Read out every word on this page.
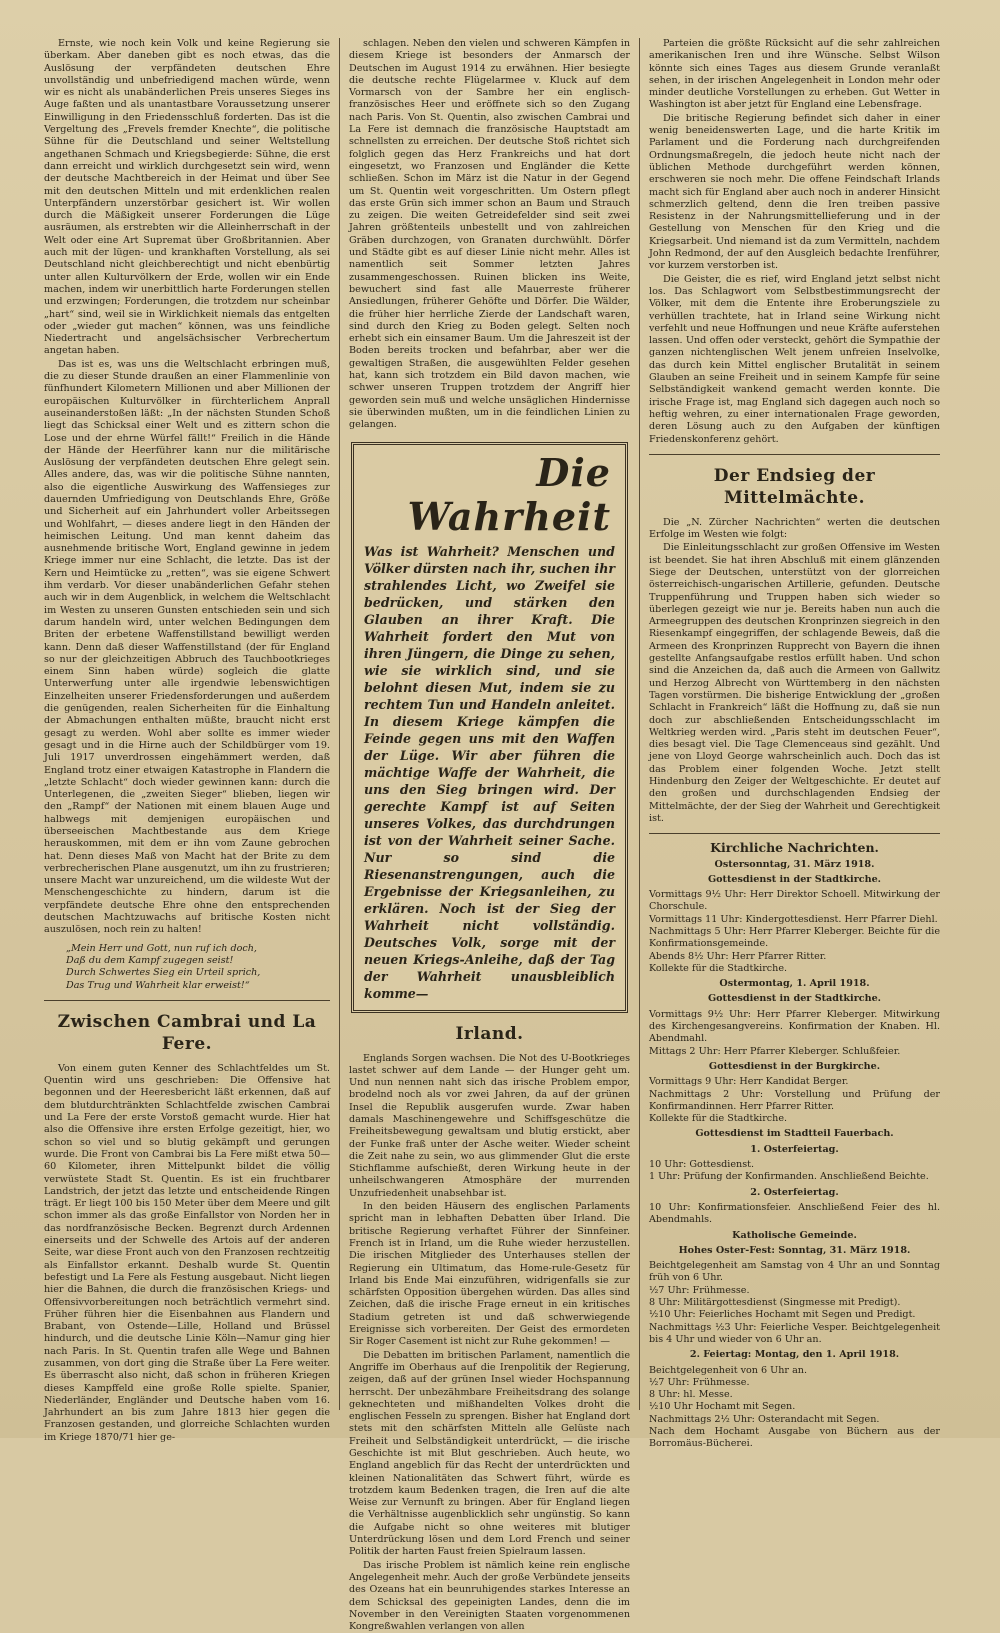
Ernste, wie noch kein Volk und keine Regierung sie überkam. Aber daneben gibt es noch etwas, das die Auslösung der verpfändeten deutschen Ehre unvollständig und unbefriedigend machen würde, wenn wir es nicht als unabänderlichen Preis unseres Sieges ins Auge faßten und als unantastbare Voraussetzung unserer Einwilligung in den Friedensschluß forderten. Das ist die Vergeltung des „Frevels fremder Knechte“, die politische Sühne für die Deutschland und seiner Weltstellung angethanen Schmach und Kriegsbegierde: Sühne, die erst dann erreicht und wirklich durchgesetzt sein wird, wenn der deutsche Machtbereich in der Heimat und über See mit den deutschen Mitteln und mit erdenklichen realen Unterpfändern unzerstörbar gesichert ist. Wir wollen durch die Mäßigkeit unserer Forderungen die Lüge ausräumen, als erstrebten wir die Alleinherrschaft in der Welt oder eine Art Supremat über Großbritannien. Aber auch mit der lügen- und krankhaften Vorstellung, als sei Deutschland nicht gleichberechtigt und nicht ebenbürtig unter allen Kulturvölkern der Erde, wollen wir ein Ende machen, indem wir unerbittlich harte Forderungen stellen und erzwingen; Forderungen, die trotzdem nur scheinbar „hart“ sind, weil sie in Wirklichkeit niemals das entgelten oder „wieder gut machen“ können, was uns feindliche Niedertracht und angelsächsischer Verbrechertum angetan haben.

Das ist es, was uns die Weltschlacht erbringen muß, die zu dieser Stunde draußen an einer Flammenlinie von fünfhundert Kilometern Millionen und aber Millionen der europäischen Kulturvölker in fürchterlichem Anprall auseinanderstoßen läßt: „In der nächsten Stunden Schoß liegt das Schicksal einer Welt und es zittern schon die Lose und der ehrne Würfel fällt!“ Freilich in die Hände der Hände der Heerführer kann nur die militärische Auslösung der verpfändeten deutschen Ehre gelegt sein. Alles andere, das, was wir die politische Sühne nannten, also die eigentliche Auswirkung des Waffensieges zur dauernden Umfriedigung von Deutschlands Ehre, Größe und Sicherheit auf ein Jahrhundert voller Arbeitssegen und Wohlfahrt, — dieses andere liegt in den Händen der heimischen Leitung. Und man kennt daheim das ausnehmende britische Wort, England gewinne in jedem Kriege immer nur eine Schlacht, die letzte. Das ist der Kern und Heimtücke zu „retten“, was sie eigene Schwert ihm verdarb. Vor dieser unabänderlichen Gefahr stehen auch wir in dem Augenblick, in welchem die Weltschlacht im Westen zu unseren Gunsten entschieden sein und sich darum handeln wird, unter welchen Bedingungen dem Briten der erbetene Waffenstillstand bewilligt werden kann. Denn daß dieser Waffenstillstand (der für England so nur der gleichzeitigen Abbruch des Tauchbootkrieges einem Sinn haben würde) sogleich die glatte Unterwerfung unter alle irgendwie lebenswichtigen Einzelheiten unserer Friedensforderungen und außerdem die genügenden, realen Sicherheiten für die Einhaltung der Abmachungen enthalten müßte, braucht nicht erst gesagt zu werden. Wohl aber sollte es immer wieder gesagt und in die Hirne auch der Schildbürger vom 19. Juli 1917 unverdrossen eingehämmert werden, daß England trotz einer etwaigen Katastrophe in Flandern die „letzte Schlacht“ doch wieder gewinnen kann: durch die Unterlegenen, die „zweiten Sieger“ blieben, liegen wir den „Rampf“ der Nationen mit einem blauen Auge und halbwegs mit demjenigen europäischen und überseeischen Machtbestande aus dem Kriege herauskommen, mit dem er ihn vom Zaune gebrochen hat. Denn dieses Maß von Macht hat der Brite zu dem verbrecherischen Plane ausgenutzt, um ihn zu frustrieren; unsere Macht war unzureichend, um die wildeste Wut der Menschengeschichte zu hindern, darum ist die verpfändete deutsche Ehre ohne den entsprechenden deutschen Machtzuwachs auf britische Kosten nicht auszulösen, noch rein zu halten!

„Mein Herr und Gott, nun ruf ich doch,
Daß du dem Kampf zugegen seist!
Durch Schwertes Sieg ein Urteil sprich,
Das Trug und Wahrheit klar erweist!“
Zwischen Cambrai und La Fere.

Von einem guten Kenner des Schlachtfeldes um St. Quentin wird uns geschrieben: Die Offensive hat begonnen und der Heeresbericht läßt erkennen, daß auf dem blutdurchtränkten Schlachtfelde zwischen Cambrai und La Fere der erste Vorstoß gemacht wurde. Hier hat also die Offensive ihre ersten Erfolge gezeitigt, hier, wo schon so viel und so blutig gekämpft und gerungen wurde. Die Front von Cambrai bis La Fere mißt etwa 50—60 Kilometer, ihren Mittelpunkt bildet die völlig verwüstete Stadt St. Quentin. Es ist ein fruchtbarer Landstrich, der jetzt das letzte und entscheidende Ringen trägt. Er liegt 100 bis 150 Meter über dem Meere und gilt schon immer als das große Einfallstor von Norden her in das nordfranzösische Becken. Begrenzt durch Ardennen einerseits und der Schwelle des Artois auf der anderen Seite, war diese Front auch von den Franzosen rechtzeitig als Einfallstor erkannt. Deshalb wurde St. Quentin befestigt und La Fere als Festung ausgebaut. Nicht liegen hier die Bahnen, die durch die französischen Kriegs- und Offensivvorbereitungen noch beträchtlich vermehrt sind. Früher führen hier die Eisenbahnen aus Flandern und Brabant, von Ostende—Lille, Holland und Brüssel hindurch, und die deutsche Linie Köln—Namur ging hier nach Paris. In St. Quentin trafen alle Wege und Bahnen zusammen, von dort ging die Straße über La Fere weiter. Es überrascht also nicht, daß schon in früheren Kriegen dieses Kampffeld eine große Rolle spielte. Spanier, Niederländer, Engländer und Deutsche haben vom 16. Jahrhundert an bis zum Jahre 1813 hier gegen die Franzosen gestanden, und glorreiche Schlachten wurden im Kriege 1870/71 hier ge-

schlagen. Neben den vielen und schweren Kämpfen in diesem Kriege ist besonders der Anmarsch der Deutschen im August 1914 zu erwähnen. Hier besiegte die deutsche rechte Flügelarmee v. Kluck auf dem Vormarsch von der Sambre her ein englisch-französisches Heer und eröffnete sich so den Zugang nach Paris. Von St. Quentin, also zwischen Cambrai und La Fere ist demnach die französische Hauptstadt am schnellsten zu erreichen. Der deutsche Stoß richtet sich folglich gegen das Herz Frankreichs und hat dort eingesetzt, wo Franzosen und Engländer die Kette schließen. Schon im März ist die Natur in der Gegend um St. Quentin weit vorgeschritten. Um Ostern pflegt das erste Grün sich immer schon an Baum und Strauch zu zeigen. Die weiten Getreidefelder sind seit zwei Jahren größtenteils unbestellt und von zahlreichen Gräben durchzogen, von Granaten durchwühlt. Dörfer und Städte gibt es auf dieser Linie nicht mehr. Alles ist namentlich seit Sommer letzten Jahres zusammengeschossen. Ruinen blicken ins Weite, bewuchert sind fast alle Mauerreste früherer Ansiedlungen, früherer Gehöfte und Dörfer. Die Wälder, die früher hier herrliche Zierde der Landschaft waren, sind durch den Krieg zu Boden gelegt. Selten noch erhebt sich ein einsamer Baum. Um die Jahreszeit ist der Boden bereits trocken und befahrbar, aber wer die gewaltigen Straßen, die ausgewühlten Felder gesehen hat, kann sich trotzdem ein Bild davon machen, wie schwer unseren Truppen trotzdem der Angriff hier geworden sein muß und welche unsäglichen Hindernisse sie überwinden mußten, um in die feindlichen Linien zu gelangen.

Die Wahrheit
Was ist Wahrheit? Menschen und Völker dürsten nach ihr, suchen ihr strahlendes Licht, wo Zweifel sie bedrücken, und stärken den Glauben an ihrer Kraft. Die Wahrheit fordert den Mut von ihren Jüngern, die Dinge zu sehen, wie sie wirklich sind, und sie belohnt diesen Mut, indem sie zu rechtem Tun und Handeln anleitet. In diesem Kriege kämpfen die Feinde gegen uns mit den Waffen der Lüge. Wir aber führen die mächtige Waffe der Wahrheit, die uns den Sieg bringen wird. Der gerechte Kampf ist auf Seiten unseres Volkes, das durchdrungen ist von der Wahrheit seiner Sache. Nur so sind die Riesenanstrengungen, auch die Ergebnisse der Kriegsanleihen, zu erklären. Noch ist der Sieg der Wahrheit nicht vollständig. Deutsches Volk, sorge mit der neuen Kriegs-Anleihe, daß der Tag der Wahrheit unausbleiblich komme—
Irland.

Englands Sorgen wachsen. Die Not des U-Bootkrieges lastet schwer auf dem Lande — der Hunger geht um. Und nun nennen naht sich das irische Problem empor, brodelnd noch als vor zwei Jahren, da auf der grünen Insel die Republik ausgerufen wurde. Zwar haben damals Maschinengewehre und Schiffsgeschütze die Freiheitsbewegung gewaltsam und blutig erstickt, aber der Funke fraß unter der Asche weiter. Wieder scheint die Zeit nahe zu sein, wo aus glimmender Glut die erste Stichflamme aufschießt, deren Wirkung heute in der unheilschwangeren Atmosphäre der murrenden Unzufriedenheit unabsehbar ist.

In den beiden Häusern des englischen Parlaments spricht man in lebhaften Debatten über Irland. Die britische Regierung verhaftet Führer der Sinnfeiner. French ist in Irland, um die Ruhe wieder herzustellen. Die irischen Mitglieder des Unterhauses stellen der Regierung ein Ultimatum, das Home-rule-Gesetz für Irland bis Ende Mai einzuführen, widrigenfalls sie zur schärfsten Opposition übergehen würden. Das alles sind Zeichen, daß die irische Frage erneut in ein kritisches Stadium getreten ist und daß schwerwiegende Ereignisse sich vorbereiten. Der Geist des ermordeten Sir Roger Casement ist nicht zur Ruhe gekommen! —

Die Debatten im britischen Parlament, namentlich die Angriffe im Oberhaus auf die Irenpolitik der Regierung, zeigen, daß auf der grünen Insel wieder Hochspannung herrscht. Der unbezähmbare Freiheitsdrang des solange geknechteten und mißhandelten Volkes droht die englischen Fesseln zu sprengen. Bisher hat England dort stets mit den schärfsten Mitteln alle Gelüste nach Freiheit und Selbständigkeit unterdrückt, — die irische Geschichte ist mit Blut geschrieben. Auch heute, wo England angeblich für das Recht der unterdrückten und kleinen Nationalitäten das Schwert führt, würde es trotzdem kaum Bedenken tragen, die Iren auf die alte Weise zur Vernunft zu bringen. Aber für England liegen die Verhältnisse augenblicklich sehr ungünstig. So kann die Aufgabe nicht so ohne weiteres mit blutiger Unterdrückung lösen und dem Lord French und seiner Politik der harten Faust freien Spielraum lassen.

Das irische Problem ist nämlich keine rein englische Angelegenheit mehr. Auch der große Verbündete jenseits des Ozeans hat ein beunruhigendes starkes Interesse an dem Schicksal des gepeinigten Landes, denn die im November in den Vereinigten Staaten vorgenommenen Kongreßwahlen verlangen von allen

Parteien die größte Rücksicht auf die sehr zahlreichen amerikanischen Iren und ihre Wünsche. Selbst Wilson könnte sich eines Tages aus diesem Grunde veranlaßt sehen, in der irischen Angelegenheit in London mehr oder minder deutliche Vorstellungen zu erheben. Gut Wetter in Washington ist aber jetzt für England eine Lebensfrage.

Die britische Regierung befindet sich daher in einer wenig beneidenswerten Lage, und die harte Kritik im Parlament und die Forderung nach durchgreifenden Ordnungsmaßregeln, die jedoch heute nicht nach der üblichen Methode durchgeführt werden können, erschweren sie noch mehr. Die offene Feindschaft Irlands macht sich für England aber auch noch in anderer Hinsicht schmerzlich geltend, denn die Iren treiben passive Resistenz in der Nahrungsmittellieferung und in der Gestellung von Menschen für den Krieg und die Kriegsarbeit. Und niemand ist da zum Vermitteln, nachdem John Redmond, der auf den Ausgleich bedachte Irenführer, vor kurzem verstorben ist.

Die Geister, die es rief, wird England jetzt selbst nicht los. Das Schlagwort vom Selbstbestimmungsrecht der Völker, mit dem die Entente ihre Eroberungsziele zu verhüllen trachtete, hat in Irland seine Wirkung nicht verfehlt und neue Hoffnungen und neue Kräfte auferstehen lassen. Und offen oder versteckt, gehört die Sympathie der ganzen nichtenglischen Welt jenem unfreien Inselvolke, das durch kein Mittel englischer Brutalität in seinem Glauben an seine Freiheit und in seinem Kampfe für seine Selbständigkeit wankend gemacht werden konnte. Die irische Frage ist, mag England sich dagegen auch noch so heftig wehren, zu einer internationalen Frage geworden, deren Lösung auch zu den Aufgaben der künftigen Friedenskonferenz gehört.

Der Endsieg der Mittelmächte.

Die „N. Zürcher Nachrichten“ werten die deutschen Erfolge im Westen wie folgt:

Die Einleitungsschlacht zur großen Offensive im Westen ist beendet. Sie hat ihren Abschluß mit einem glänzenden Siege der Deutschen, unterstützt von der glorreichen österreichisch-ungarischen Artillerie, gefunden. Deutsche Truppenführung und Truppen haben sich wieder so überlegen gezeigt wie nur je. Bereits haben nun auch die Armeegruppen des deutschen Kronprinzen siegreich in den Riesenkampf eingegriffen, der schlagende Beweis, daß die Armeen des Kronprinzen Rupprecht von Bayern die ihnen gestellte Anfangsaufgabe restlos erfüllt haben. Und schon sind die Anzeichen da, daß auch die Armeen von Gallwitz und Herzog Albrecht von Württemberg in den nächsten Tagen vorstürmen. Die bisherige Entwicklung der „großen Schlacht in Frankreich“ läßt die Hoffnung zu, daß sie nun doch zur abschließenden Entscheidungsschlacht im Weltkrieg werden wird. „Paris steht im deutschen Feuer“, dies besagt viel. Die Tage Clemenceaus sind gezählt. Und jene von Lloyd George wahrscheinlich auch. Doch das ist das Problem einer folgenden Woche. Jetzt stellt Hindenburg den Zeiger der Weltgeschichte. Er deutet auf den großen und durchschlagenden Endsieg der Mittelmächte, der der Sieg der Wahrheit und Gerechtigkeit ist.

Kirchliche Nachrichten.
Ostersonntag, 31. März 1918.
Gottesdienst in der Stadtkirche.
Vormittags 9½ Uhr: Herr Direktor Schoell. Mitwirkung der Chorschule.
Vormittags 11 Uhr: Kindergottesdienst. Herr Pfarrer Diehl.
Nachmittags 5 Uhr: Herr Pfarrer Kleberger. Beichte für die Konfirmationsgemeinde.
Abends 8½ Uhr: Herr Pfarrer Ritter.
Kollekte für die Stadtkirche.
Ostermontag, 1. April 1918.
Gottesdienst in der Stadtkirche.
Vormittags 9½ Uhr: Herr Pfarrer Kleberger. Mitwirkung des Kirchengesangvereins. Konfirmation der Knaben. Hl. Abendmahl.
Mittags 2 Uhr: Herr Pfarrer Kleberger. Schlußfeier.
Gottesdienst in der Burgkirche.
Vormittags 9 Uhr: Herr Kandidat Berger.
Nachmittags 2 Uhr: Vorstellung und Prüfung der Konfirmandinnen. Herr Pfarrer Ritter.
Kollekte für die Stadtkirche.
Gottesdienst im Stadtteil Fauerbach.
1. Osterfeiertag.
10 Uhr: Gottesdienst.
1 Uhr: Prüfung der Konfirmanden. Anschließend Beichte.
2. Osterfeiertag.
10 Uhr: Konfirmationsfeier. Anschließend Feier des hl. Abendmahls.
Katholische Gemeinde.
Hohes Oster-Fest: Sonntag, 31. März 1918.
Beichtgelegenheit am Samstag von 4 Uhr an und Sonntag früh von 6 Uhr.
½7 Uhr: Frühmesse.
8 Uhr: Militärgottesdienst (Singmesse mit Predigt).
½10 Uhr: Feierliches Hochamt mit Segen und Predigt.
Nachmittags ½3 Uhr: Feierliche Vesper. Beichtgelegenheit bis 4 Uhr und wieder von 6 Uhr an.
2. Feiertag: Montag, den 1. April 1918.
Beichtgelegenheit von 6 Uhr an.
½7 Uhr: Frühmesse.
8 Uhr: hl. Messe.
½10 Uhr Hochamt mit Segen.
Nachmittags 2½ Uhr: Osterandacht mit Segen.
Nach dem Hochamt Ausgabe von Büchern aus der Borromäus-Bücherei.
